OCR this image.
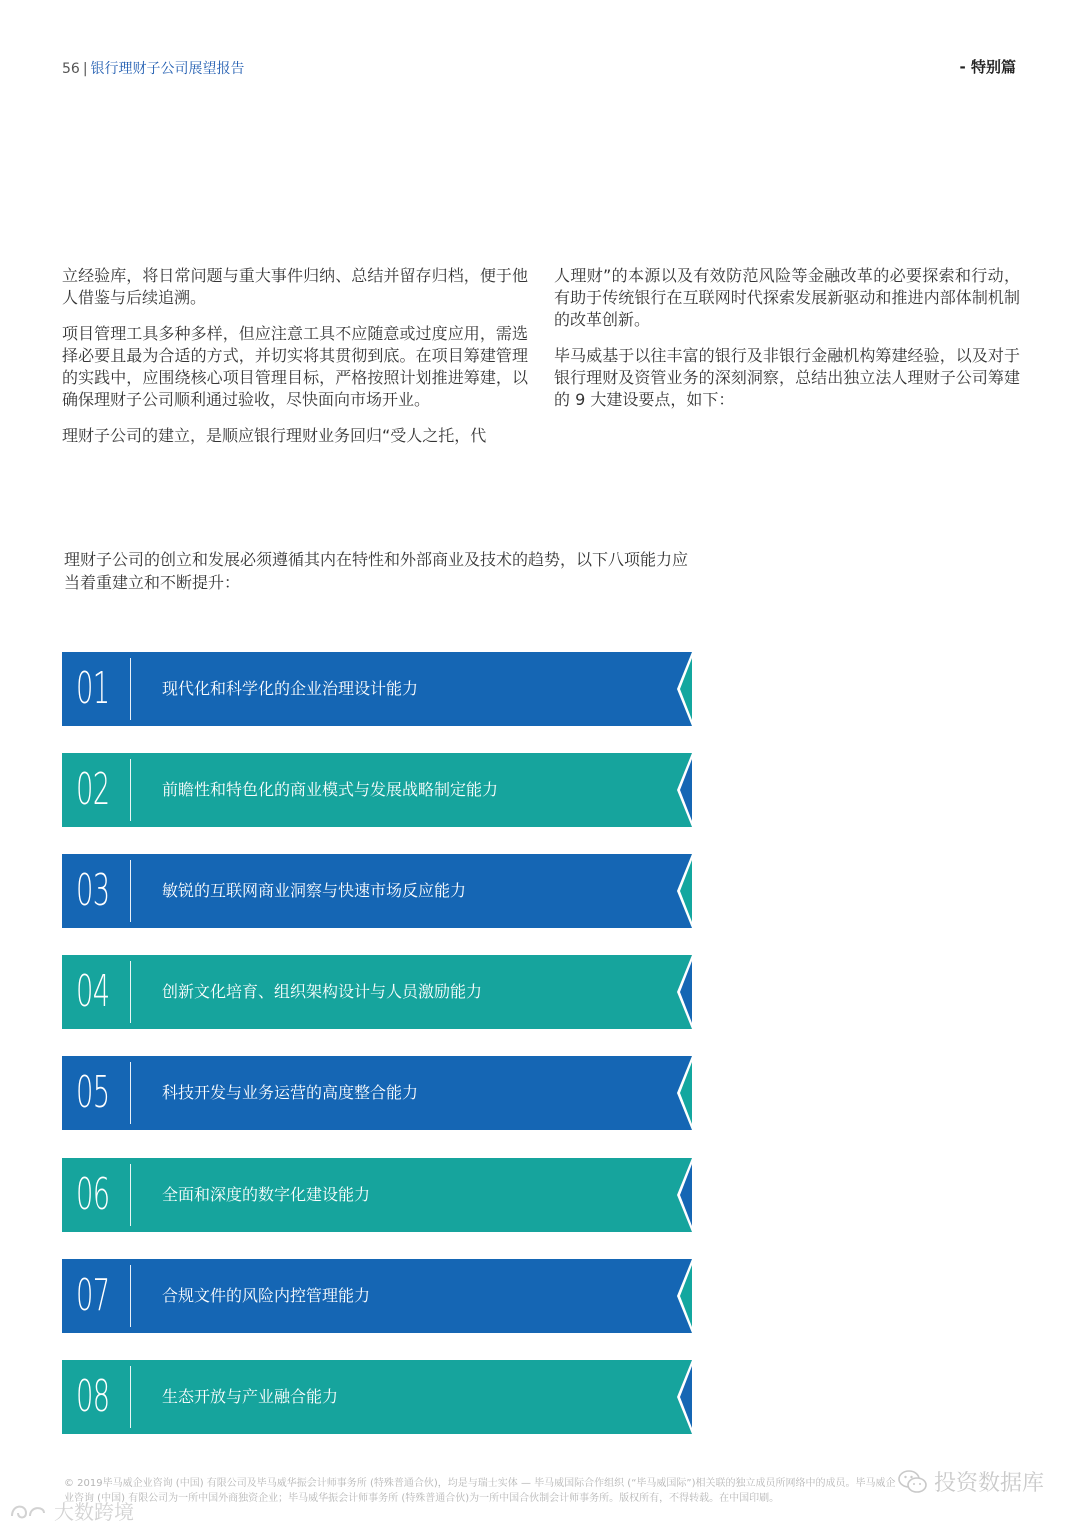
56 | 银行理财子公司展望报告	- 特别篇

立经验库，将日常问题与重大事件归纳、总结并留存归档，便于他人借鉴与后续追溯。

项目管理工具多种多样，但应注意工具不应随意或过度应用，需选择必要且最为合适的方式，并切实将其贯彻到底。在项目筹建管理的实践中，应围绕核心项目管理目标，严格按照计划推进筹建，以确保理财子公司顺利通过验收，尽快面向市场开业。

理财子公司的建立，是顺应银行理财业务回归“受人之托，代

人理财”的本源以及有效防范风险等金融改革的必要探索和行动，有助于传统银行在互联网时代探索发展新驱动和推进内部体制机制的改革创新。

毕马威基于以往丰富的银行及非银行金融机构筹建经验，以及对于银行理财及资管业务的深刻洞察，总结出独立法人理财子公司筹建的 9 大建设要点，如下：

理财子公司的创立和发展必须遵循其内在特性和外部商业及技术的趋势，以下八项能力应当着重建立和不断提升：

01	现代化和科学化的企业治理设计能力
02	前瞻性和特色化的商业模式与发展战略制定能力
03	敏锐的互联网商业洞察与快速市场反应能力
04	创新文化培育、组织架构设计与人员激励能力
05	科技开发与业务运营的高度整合能力
06	全面和深度的数字化建设能力
07	合规文件的风险内控管理能力
08	生态开放与产业融合能力
© 2019毕马威企业咨询 (中国) 有限公司及毕马威华振会计师事务所 (特殊普通合伙)，均是与瑞士实体 — 毕马威国际合作组织 (“毕马威国际”)相关联的独立成员所网络中的成员。毕马威企
业咨询 (中国) 有限公司为一所中国外商独资企业；毕马威华振会计师事务所 (特殊普通合伙)为一所中国合伙制会计师事务所。版权所有，不得转载。在中国印刷。
投资数据库
大数跨境
